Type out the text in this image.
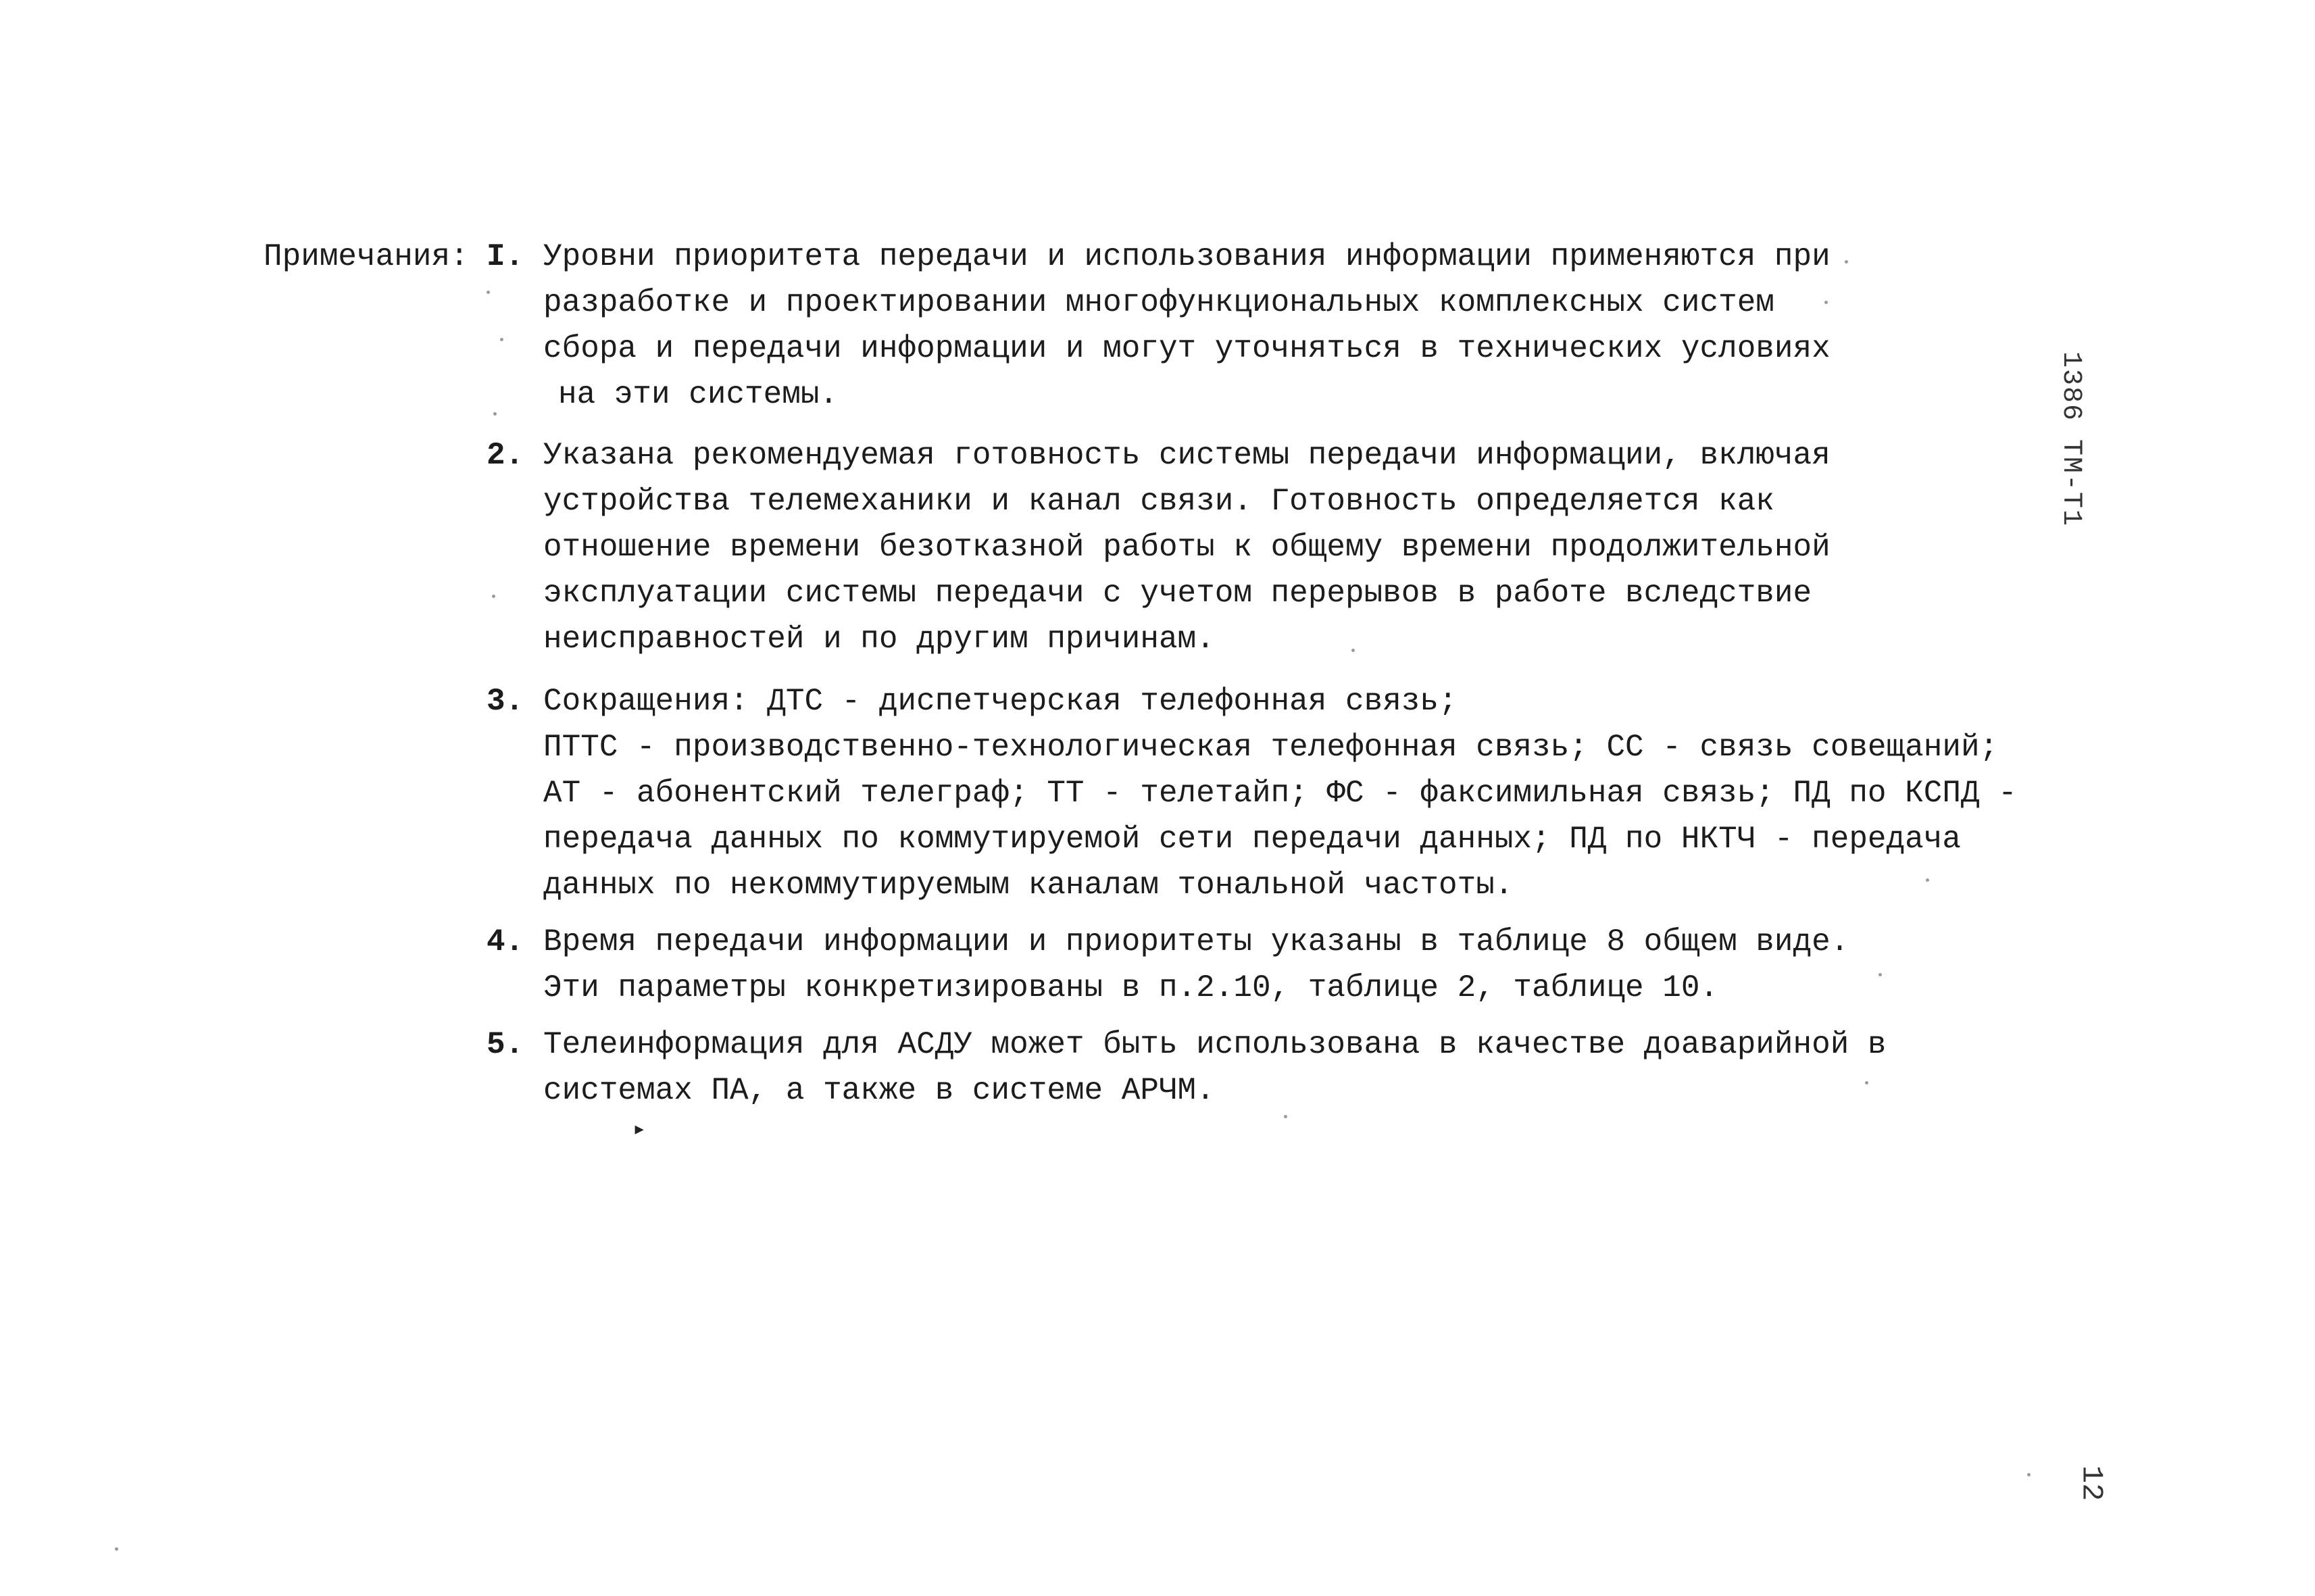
Примечания: I. Уровни приоритета передачи и использования информации применяются при
разработке и проектировании многофункциональных комплексных систем
сбора и передачи информации и могут уточняться в технических условиях
на эти системы.
2. Указана рекомендуемая готовность системы передачи информации, включая
устройства телемеханики и канал связи. Готовность определяется как
отношение времени безотказной работы к общему времени продолжительной
эксплуатации системы передачи с учетом перерывов в работе вследствие
неисправностей и по другим причинам.
3. Сокращения: ДТС - диспетчерская телефонная связь;
ПТТС - производственно-технологическая телефонная связь; СС - связь совещаний;
АТ - абонентский телеграф; ТТ - телетайп; ФС - факсимильная связь; ПД по КСПД -
передача данных по коммутируемой сети передачи данных; ПД по НКТЧ - передача
данных по некоммутируемым каналам тональной частоты.
4. Время передачи информации и приоритеты указаны в таблице 8 общем виде.
Эти параметры конкретизированы в п.2.10, таблице 2, таблице 10.
5. Телеинформация для АСДУ может быть использована в качестве доаварийной в
системах ПА, а также в системе АРЧМ.
▸
1386 TM-T1
12
